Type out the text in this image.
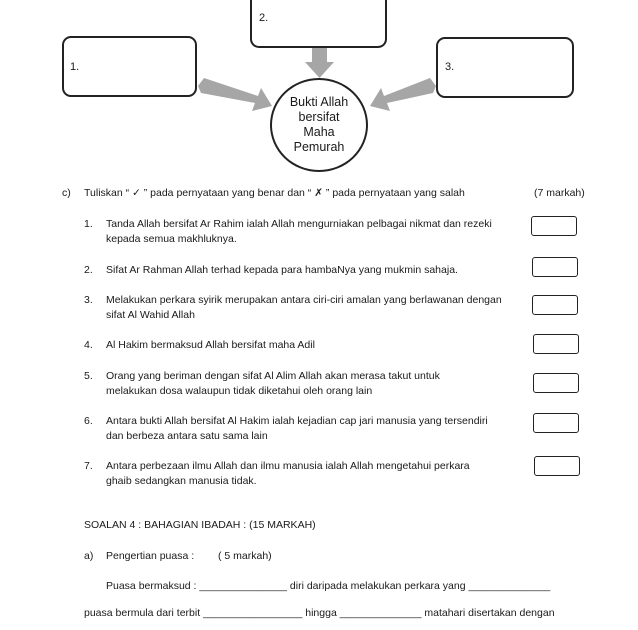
2.
1.	3.
Bukti Allah
bersifat
Maha
Pemurah
c) Tuliskan “ ✓ ” pada pernyataan yang benar dan “ ✗ ” pada pernyataan yang salah	(7 markah)
1. Tanda Allah bersifat Ar Rahim ialah Allah mengurniakan pelbagai nikmat dan rezeki kepada semua makhluknya.
2. Sifat Ar Rahman Allah terhad kepada para hambaNya yang mukmin sahaja.
3. Melakukan perkara syirik merupakan antara ciri-ciri amalan yang berlawanan dengan sifat Al Wahid Allah
4. Al Hakim bermaksud Allah bersifat maha Adil
5. Orang yang beriman dengan sifat Al Alim Allah akan merasa takut untuk melakukan dosa walaupun tidak diketahui oleh orang lain
6. Antara bukti Allah bersifat Al Hakim ialah kejadian cap jari manusia yang tersendiri dan berbeza antara satu sama lain
7. Antara perbezaan ilmu Allah dan ilmu manusia ialah Allah mengetahui perkara ghaib sedangkan manusia tidak.
SOALAN 4 : BAHAGIAN IBADAH : (15 MARKAH)
a) Pengertian puasa : ( 5 markah)
Puasa bermaksud : _______________ diri daripada melakukan perkara yang ______________
puasa bermula dari terbit _________________ hingga ______________ matahari disertakan dengan
